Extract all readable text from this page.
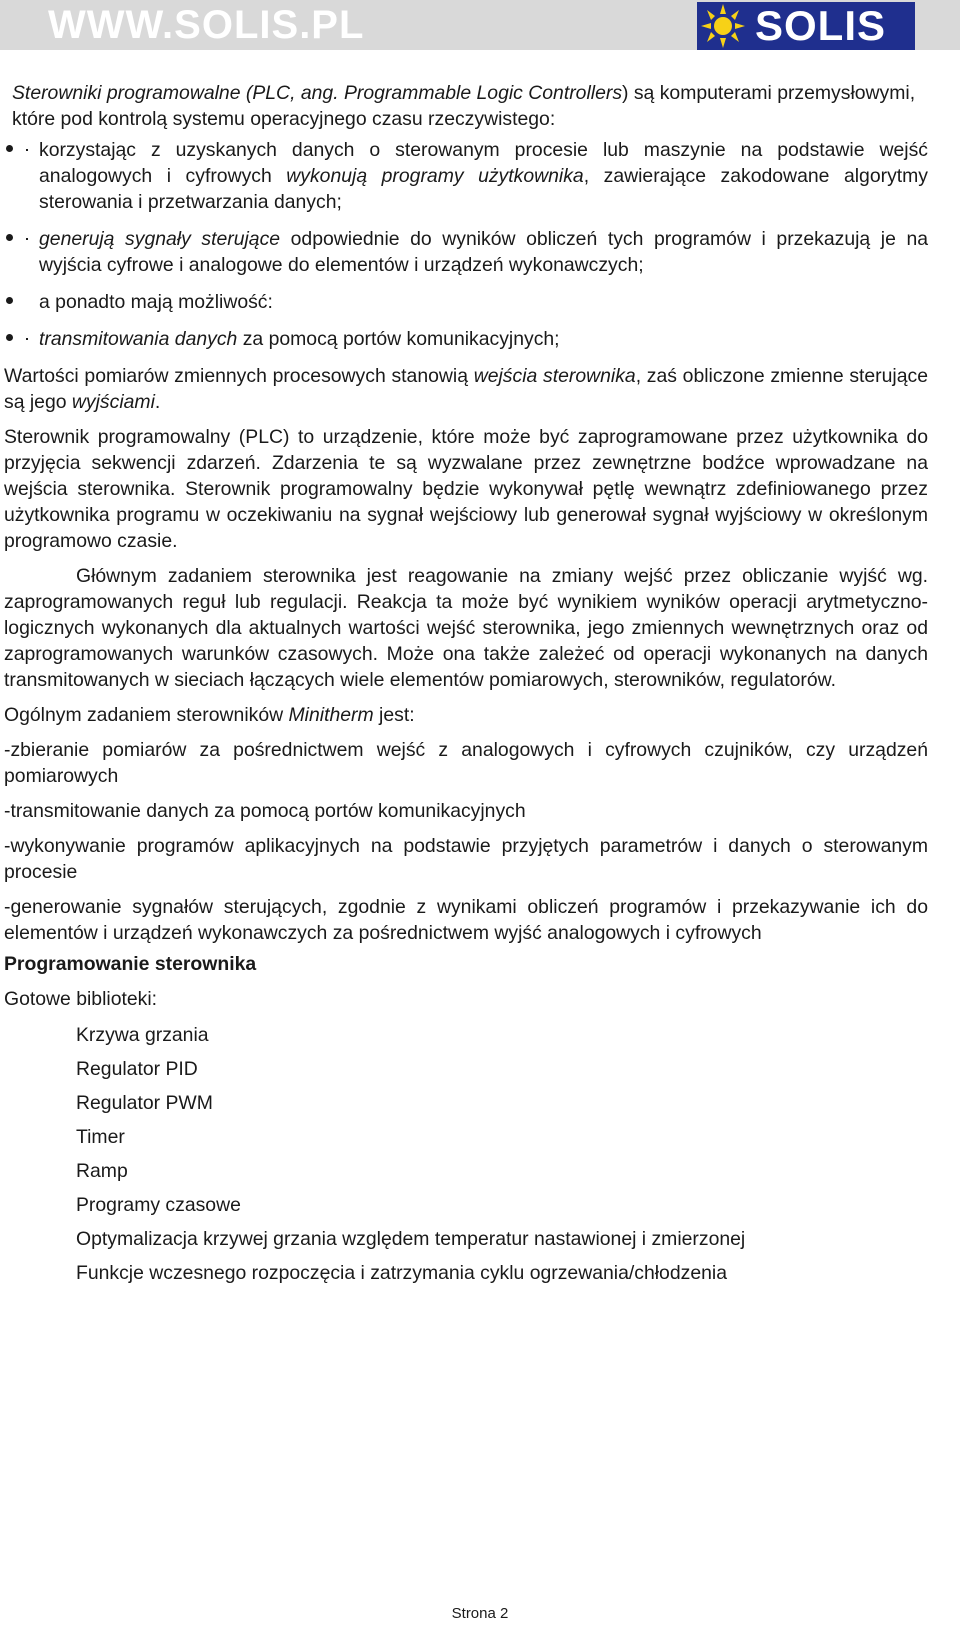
WWW.SOLIS.PL	SOLIS

Sterowniki programowalne (PLC, ang. Programmable Logic Controllers) są komputerami przemysłowymi, które pod kontrolą systemu operacyjnego czasu rzeczywistego:

korzystając z uzyskanych danych o sterowanym procesie lub maszynie na podstawie wejść analogowych i cyfrowych wykonują programy użytkownika, zawierające zakodowane algorytmy sterowania i przetwarzania danych;
generują sygnały sterujące odpowiednie do wyników obliczeń tych programów i przekazują je na wyjścia cyfrowe i analogowe do elementów i urządzeń wykonawczych;
a ponadto mają możliwość:
transmitowania danych za pomocą portów komunikacyjnych;

Wartości pomiarów zmiennych procesowych stanowią wejścia sterownika, zaś obliczone zmienne sterujące są jego wyjściami.

Sterownik programowalny (PLC) to urządzenie, które może być zaprogramowane przez użytkownika do przyjęcia sekwencji zdarzeń. Zdarzenia te są wyzwalane przez zewnętrzne bodźce wprowadzane na wejścia sterownika. Sterownik programowalny będzie wykonywał pętlę wewnątrz zdefiniowanego przez użytkownika programu w oczekiwaniu na sygnał wejściowy lub generował sygnał wyjściowy w określonym programowo czasie.

Głównym zadaniem sterownika jest reagowanie na zmiany wejść przez obliczanie wyjść wg. zaprogramowanych reguł lub regulacji. Reakcja ta może być wynikiem wyników operacji arytmetyczno-logicznych wykonanych dla aktualnych wartości wejść sterownika, jego zmiennych wewnętrznych oraz od zaprogramowanych warunków czasowych. Może ona także zależeć od operacji wykonanych na danych transmitowanych w sieciach łączących wiele elementów pomiarowych, sterowników, regulatorów.

Ogólnym zadaniem sterowników Minitherm jest:

-zbieranie pomiarów za pośrednictwem wejść z analogowych i cyfrowych czujników, czy urządzeń pomiarowych

-transmitowanie danych za pomocą portów komunikacyjnych

-wykonywanie programów aplikacyjnych na podstawie przyjętych parametrów i danych o sterowanym procesie

-generowanie sygnałów sterujących, zgodnie z wynikami obliczeń programów i przekazywanie ich do elementów i urządzeń wykonawczych za pośrednictwem wyjść analogowych i cyfrowych

Programowanie sterownika

Gotowe biblioteki:

Krzywa grzania
Regulator PID
Regulator PWM
Timer
Ramp
Programy czasowe
Optymalizacja krzywej grzania względem temperatur nastawionej i zmierzonej
Funkcje wczesnego rozpoczęcia i zatrzymania cyklu ogrzewania/chłodzenia
Strona 2
